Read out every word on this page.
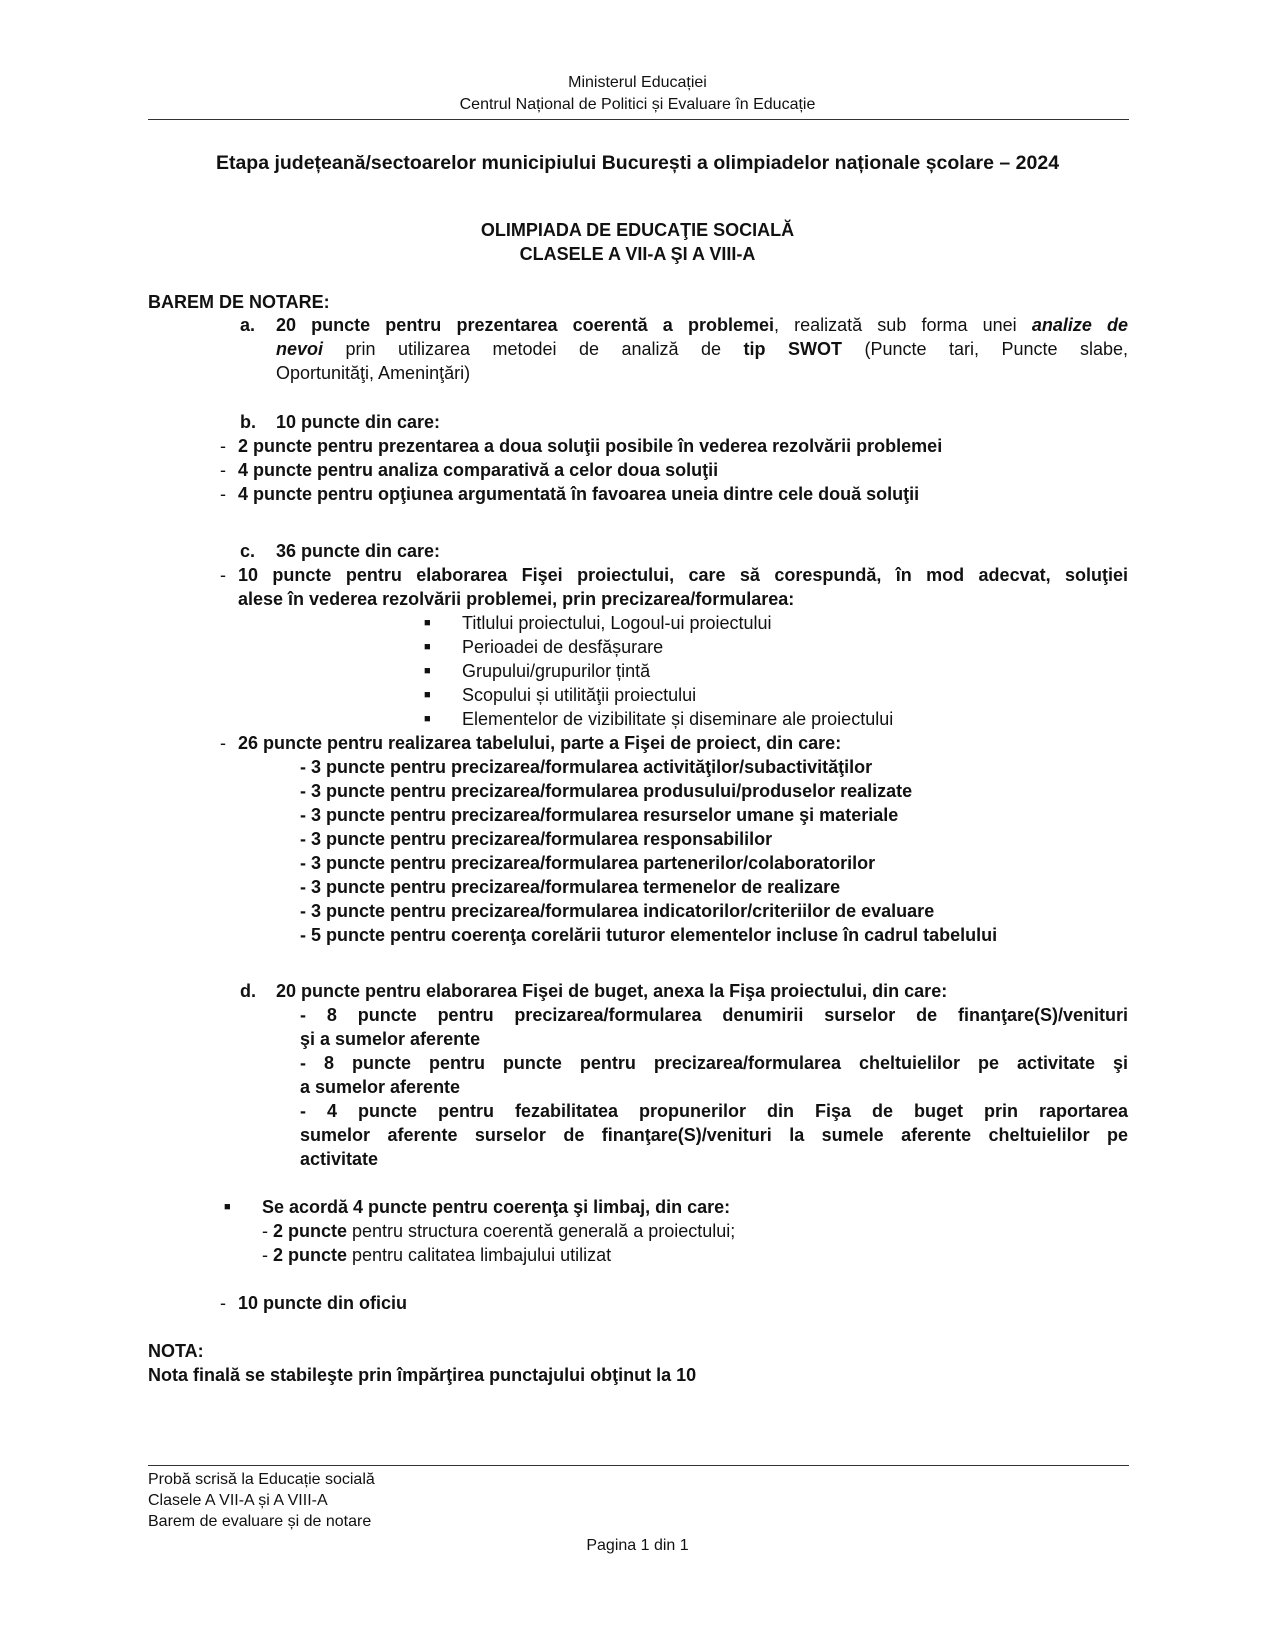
Ministerul Educației
Centrul Național de Politici și Evaluare în Educație
Etapa județeană/sectoarelor municipiului București a olimpiadelor naționale școlare – 2024
OLIMPIADA DE EDUCAŢIE SOCIALĂ
CLASELE A VII-A ŞI A VIII-A
BAREM DE NOTARE:
a. 20 puncte pentru prezentarea coerentă a problemei, realizată sub forma unei analize de
nevoi prin utilizarea metodei de analiză de tip SWOT (Puncte tari, Puncte slabe,
Oportunităţi, Ameninţări)
b. 10 puncte din care:
- 2 puncte pentru prezentarea a doua soluţii posibile în vederea rezolvării problemei
- 4 puncte pentru analiza comparativă a celor doua soluţii
- 4 puncte pentru opţiunea argumentată în favoarea uneia dintre cele două soluţii
c. 36 puncte din care:
- 10 puncte pentru elaborarea Fişei proiectului, care să corespundă, în mod adecvat, soluţiei
alese în vederea rezolvării problemei, prin precizarea/formularea:
■ Titlului proiectului, Logoul-ui proiectului
■ Perioadei de desfășurare
■ Grupului/grupurilor țintă
■ Scopului și utilităţii proiectului
■ Elementelor de vizibilitate și diseminare ale proiectului
- 26 puncte pentru realizarea tabelului, parte a Fişei de proiect, din care:
- 3 puncte pentru precizarea/formularea activităţilor/subactivităţilor
- 3 puncte pentru precizarea/formularea produsului/produselor realizate
- 3 puncte pentru precizarea/formularea resurselor umane şi materiale
- 3 puncte pentru precizarea/formularea responsabililor
- 3 puncte pentru precizarea/formularea partenerilor/colaboratorilor
- 3 puncte pentru precizarea/formularea termenelor de realizare
- 3 puncte pentru precizarea/formularea indicatorilor/criteriilor de evaluare
- 5 puncte pentru coerenţa corelării tuturor elementelor incluse în cadrul tabelului
d. 20 puncte pentru elaborarea Fişei de buget, anexa la Fişa proiectului, din care:
- 8 puncte pentru precizarea/formularea denumirii surselor de finanţare(S)/venituri
şi a sumelor aferente
- 8 puncte pentru puncte pentru precizarea/formularea cheltuielilor pe activitate şi
a sumelor aferente
- 4 puncte pentru fezabilitatea propunerilor din Fişa de buget prin raportarea
sumelor aferente surselor de finanţare(S)/venituri la sumele aferente cheltuielilor pe
activitate
■ Se acordă 4 puncte pentru coerenţa şi limbaj, din care:
- 2 puncte pentru structura coerentă generală a proiectului;
- 2 puncte pentru calitatea limbajului utilizat
- 10 puncte din oficiu
NOTA:
Nota finală se stabileşte prin împărţirea punctajului obţinut la 10
Probă scrisă la Educație socială
Clasele A VII-A și A VIII-A
Barem de evaluare și de notare
Pagina 1 din 1
